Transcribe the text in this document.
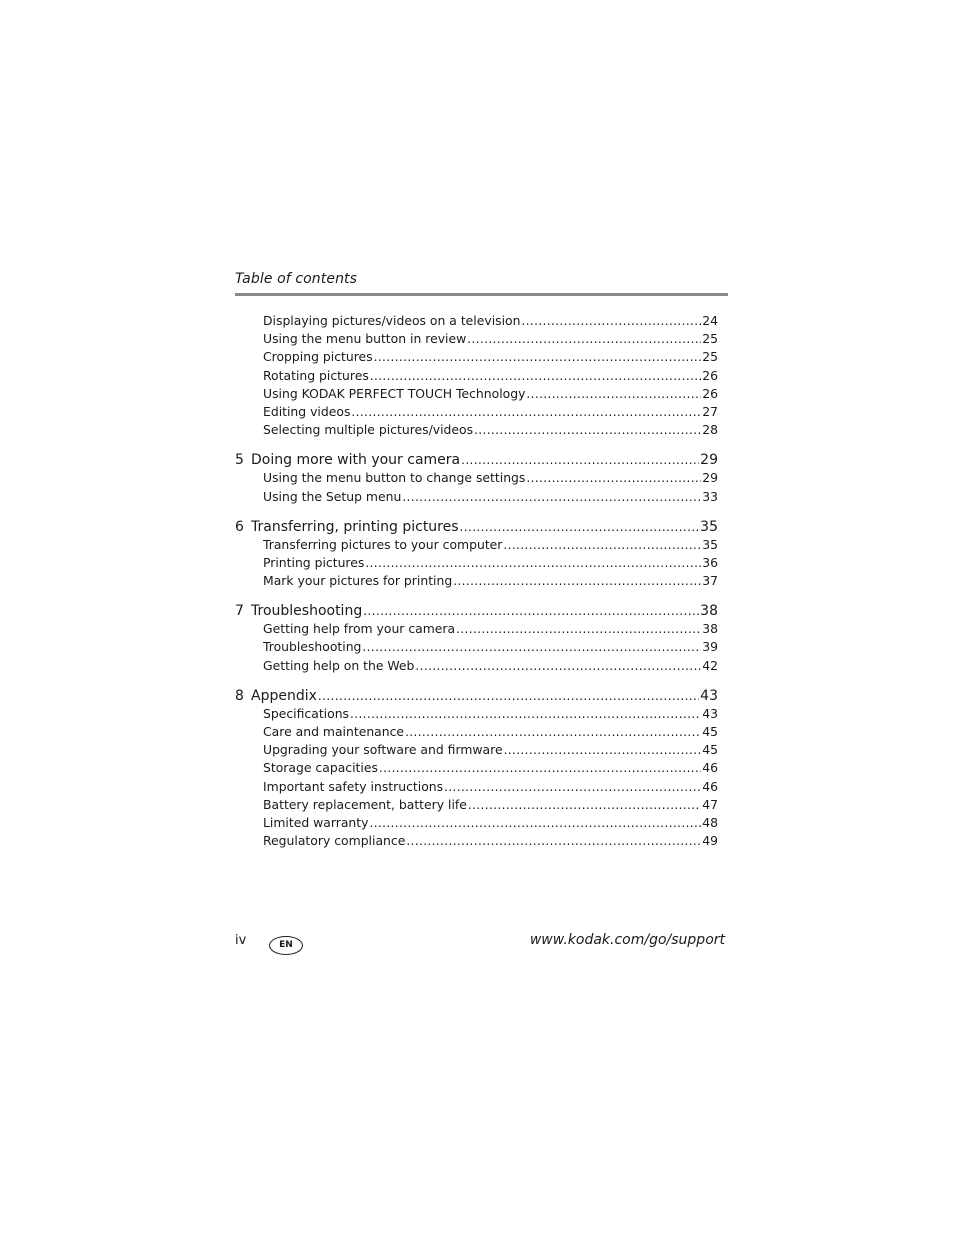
Table of contents
Displaying pictures/videos on a television .....	24
Using the menu button in review .....	25
Cropping pictures .....	25
Rotating pictures .....	26
Using KODAK PERFECT TOUCH Technology .....	26
Editing videos .....	27
Selecting multiple pictures/videos .....	28
5 Doing more with your camera .....	29
Using the menu button to change settings .....	29
Using the Setup menu .....	33
6 Transferring, printing pictures .....	35
Transferring pictures to your computer .....	35
Printing pictures .....	36
Mark your pictures for printing .....	37
7 Troubleshooting .....	38
Getting help from your camera .....	38
Troubleshooting .....	39
Getting help on the Web .....	42
8 Appendix .....	43
Specifications .....	43
Care and maintenance .....	45
Upgrading your software and firmware .....	45
Storage capacities .....	46
Important safety instructions .....	46
Battery replacement, battery life .....	47
Limited warranty .....	48
Regulatory compliance .....	49
iv	EN	www.kodak.com/go/support
